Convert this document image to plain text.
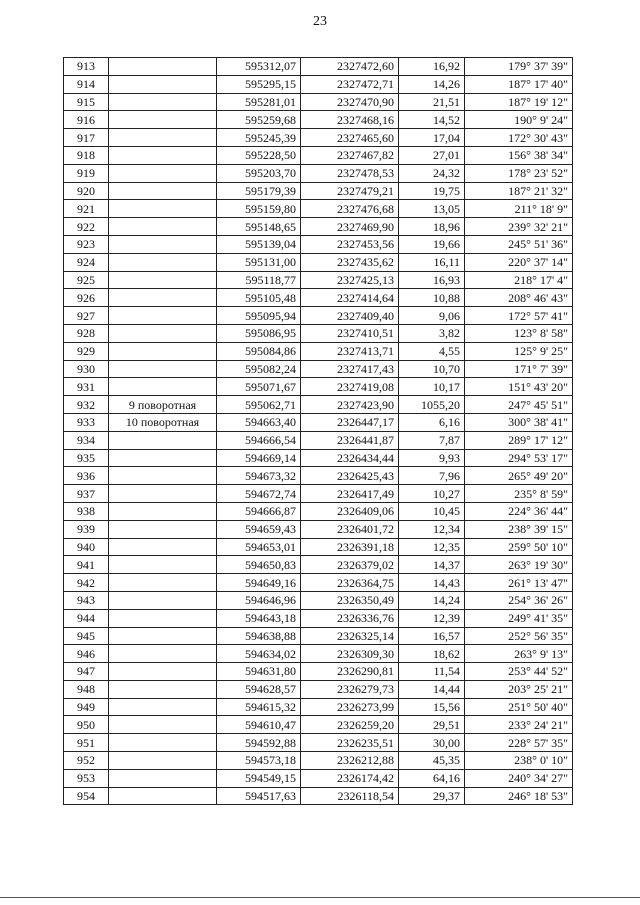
23
913		595312,07	2327472,60	16,92	179° 37' 39"
914		595295,15	2327472,71	14,26	187° 17' 40"
915		595281,01	2327470,90	21,51	187° 19' 12"
916		595259,68	2327468,16	14,52	190° 9' 24"
917		595245,39	2327465,60	17,04	172° 30' 43"
918		595228,50	2327467,82	27,01	156° 38' 34"
919		595203,70	2327478,53	24,32	178° 23' 52"
920		595179,39	2327479,21	19,75	187° 21' 32"
921		595159,80	2327476,68	13,05	211° 18' 9"
922		595148,65	2327469,90	18,96	239° 32' 21"
923		595139,04	2327453,56	19,66	245° 51' 36"
924		595131,00	2327435,62	16,11	220° 37' 14"
925		595118,77	2327425,13	16,93	218° 17' 4"
926		595105,48	2327414,64	10,88	208° 46' 43"
927		595095,94	2327409,40	9,06	172° 57' 41"
928		595086,95	2327410,51	3,82	123° 8' 58"
929		595084,86	2327413,71	4,55	125° 9' 25"
930		595082,24	2327417,43	10,70	171° 7' 39"
931		595071,67	2327419,08	10,17	151° 43' 20"
932	9 поворотная	595062,71	2327423,90	1055,20	247° 45' 51"
933	10 поворотная	594663,40	2326447,17	6,16	300° 38' 41"
934		594666,54	2326441,87	7,87	289° 17' 12"
935		594669,14	2326434,44	9,93	294° 53' 17"
936		594673,32	2326425,43	7,96	265° 49' 20"
937		594672,74	2326417,49	10,27	235° 8' 59"
938		594666,87	2326409,06	10,45	224° 36' 44"
939		594659,43	2326401,72	12,34	238° 39' 15"
940		594653,01	2326391,18	12,35	259° 50' 10"
941		594650,83	2326379,02	14,37	263° 19' 30"
942		594649,16	2326364,75	14,43	261° 13' 47"
943		594646,96	2326350,49	14,24	254° 36' 26"
944		594643,18	2326336,76	12,39	249° 41' 35"
945		594638,88	2326325,14	16,57	252° 56' 35"
946		594634,02	2326309,30	18,62	263° 9' 13"
947		594631,80	2326290,81	11,54	253° 44' 52"
948		594628,57	2326279,73	14,44	203° 25' 21"
949		594615,32	2326273,99	15,56	251° 50' 40"
950		594610,47	2326259,20	29,51	233° 24' 21"
951		594592,88	2326235,51	30,00	228° 57' 35"
952		594573,18	2326212,88	45,35	238° 0' 10"
953		594549,15	2326174,42	64,16	240° 34' 27"
954		594517,63	2326118,54	29,37	246° 18' 53"
